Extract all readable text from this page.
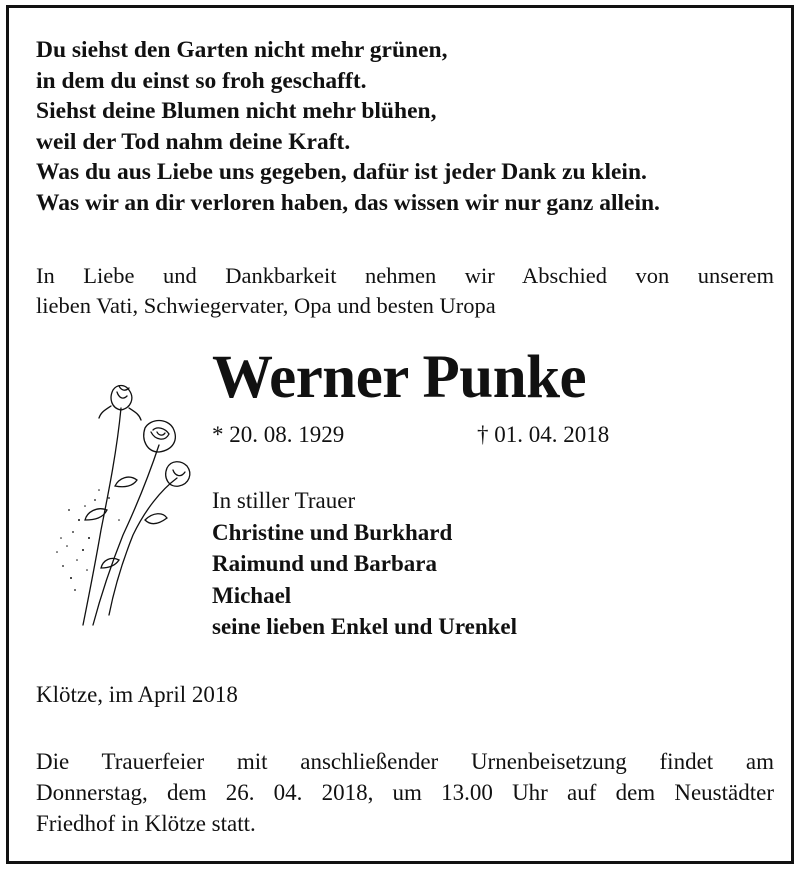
Du siehst den Garten nicht mehr grünen,
in dem du einst so froh geschafft.
Siehst deine Blumen nicht mehr blühen,
weil der Tod nahm deine Kraft.
Was du aus Liebe uns gegeben, dafür ist jeder Dank zu klein.
Was wir an dir verloren haben, das wissen wir nur ganz allein.
In Liebe und Dankbarkeit nehmen wir Abschied von unserem
lieben Vati, Schwiegervater, Opa und besten Uropa
Werner Punke
* 20. 08. 1929	† 01. 04. 2018
In stiller Trauer
Christine und Burkhard
Raimund und Barbara
Michael
seine lieben Enkel und Urenkel
Klötze, im April 2018
Die Trauerfeier mit anschließender Urnenbeisetzung findet am
Donnerstag, dem 26. 04. 2018, um 13.00 Uhr auf dem Neustädter
Friedhof in Klötze statt.
